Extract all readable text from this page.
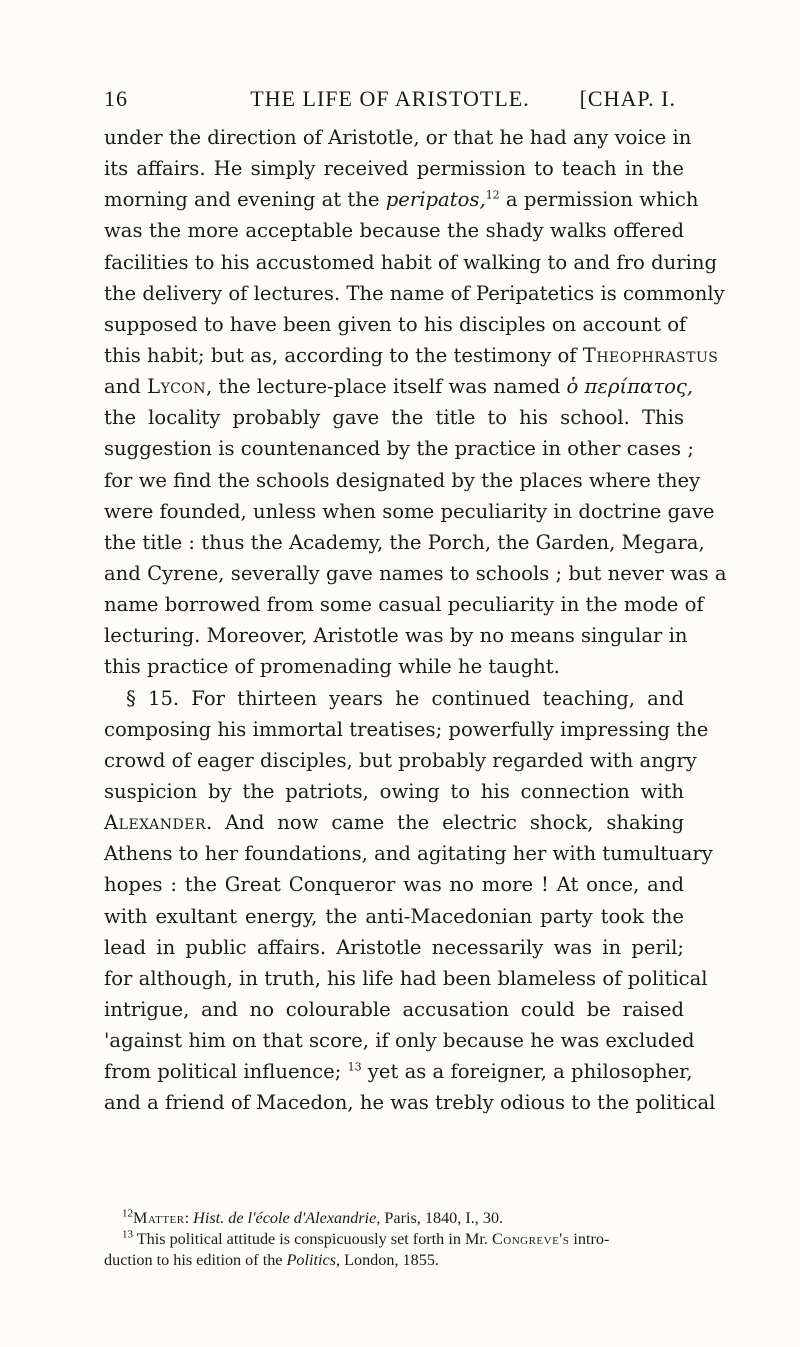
16	THE LIFE OF ARISTOTLE.	[CHAP. I.
under the direction of Aristotle, or that he had any voice in
its affairs. He simply received permission to teach in the
morning and evening at the peripatos,$^{12}$ a permission which
was the more acceptable because the shady walks offered
facilities to his accustomed habit of walking to and fro during
the delivery of lectures. The name of Peripatetics is commonly
supposed to have been given to his disciples on account of
this habit; but as, according to the testimony of Theophrastus
and Lycon, the lecture-place itself was named ὁ περίπατος,
the locality probably gave the title to his school. This
suggestion is countenanced by the practice in other cases ;
for we find the schools designated by the places where they
were founded, unless when some peculiarity in doctrine gave
the title : thus the Academy, the Porch, the Garden, Megara,
and Cyrene, severally gave names to schools ; but never was a
name borrowed from some casual peculiarity in the mode of
lecturing. Moreover, Aristotle was by no means singular in
this practice of promenading while he taught.
§ 15. For thirteen years he continued teaching, and
composing his immortal treatises; powerfully impressing the
crowd of eager disciples, but probably regarded with angry
suspicion by the patriots, owing to his connection with
Alexander. And now came the electric shock, shaking
Athens to her foundations, and agitating her with tumultuary
hopes : the Great Conqueror was no more ! At once, and
with exultant energy, the anti-Macedonian party took the
lead in public affairs. Aristotle necessarily was in peril;
for although, in truth, his life had been blameless of political
intrigue, and no colourable accusation could be raised
'against him on that score, if only because he was excluded
from political influence; $^{13}$ yet as a foreigner, a philosopher,
and a friend of Macedon, he was trebly odious to the political
$^{12}$Matter: Hist. de l'école d'Alexandrie, Paris, 1840, I., 30.
$^{13}$ This political attitude is conspicuously set forth in Mr. Congreve's intro-
duction to his edition of the Politics, London, 1855.
